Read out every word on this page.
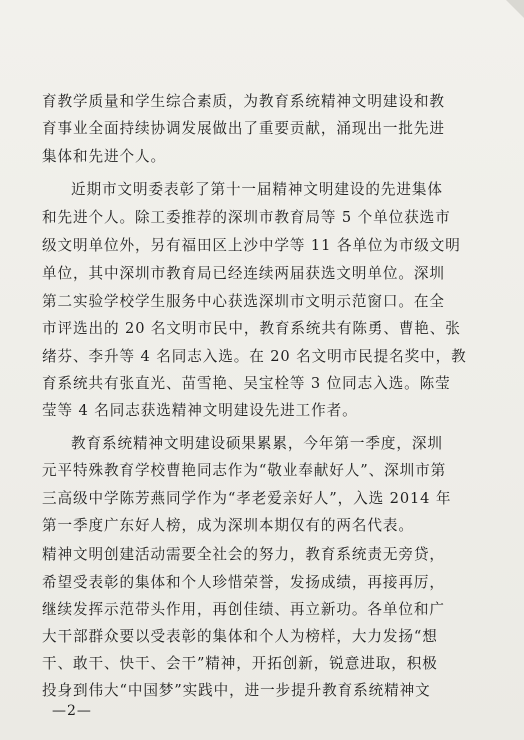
育教学质量和学生综合素质，为教育系统精神文明建设和教
育事业全面持续协调发展做出了重要贡献，涌现出一批先进
集体和先进个人。
近期市文明委表彰了第十一届精神文明建设的先进集体
和先进个人。除工委推荐的深圳市教育局等 5 个单位获选市
级文明单位外，另有福田区上沙中学等 11 各单位为市级文明
单位，其中深圳市教育局已经连续两届获选文明单位。深圳
第二实验学校学生服务中心获选深圳市文明示范窗口。在全
市评选出的 20 名文明市民中，教育系统共有陈勇、曹艳、张
绪芬、李升等 4 名同志入选。在 20 名文明市民提名奖中，教
育系统共有张直光、苗雪艳、吴宝栓等 3 位同志入选。陈莹
莹等 4 名同志获选精神文明建设先进工作者。
教育系统精神文明建设硕果累累，今年第一季度，深圳
元平特殊教育学校曹艳同志作为“敬业奉献好人”、深圳市第
三高级中学陈芳燕同学作为“孝老爱亲好人”，入选 2014 年
第一季度广东好人榜，成为深圳本期仅有的两名代表。
精神文明创建活动需要全社会的努力，教育系统责无旁贷，
希望受表彰的集体和个人珍惜荣誉，发扬成绩，再接再厉，
继续发挥示范带头作用，再创佳绩、再立新功。各单位和广
大干部群众要以受表彰的集体和个人为榜样，大力发扬“想
干、敢干、快干、会干”精神，开拓创新，锐意进取，积极
投身到伟大“中国梦”实践中，进一步提升教育系统精神文
—2—
